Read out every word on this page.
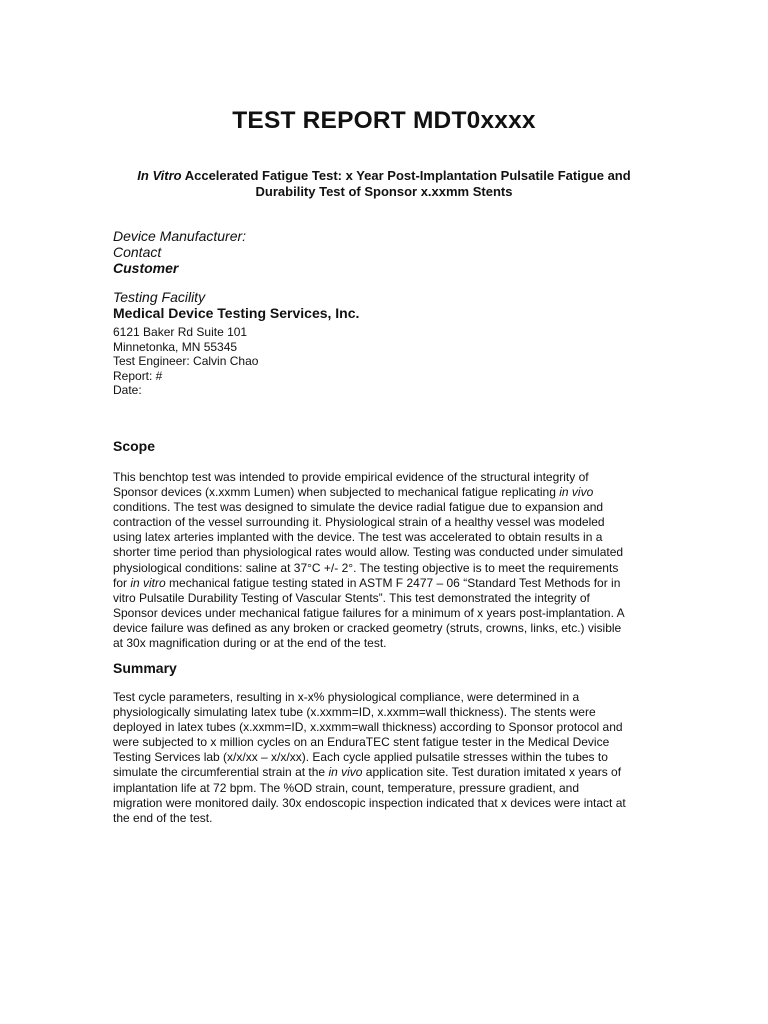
TEST REPORT MDT0xxxx
In Vitro Accelerated Fatigue Test: x Year Post-Implantation Pulsatile Fatigue and
Durability Test of Sponsor x.xxmm Stents
Device Manufacturer:
Contact
Customer
Testing Facility
Medical Device Testing Services, Inc.
6121 Baker Rd Suite 101
Minnetonka, MN 55345
Test Engineer: Calvin Chao
Report: #
Date:
Scope
This benchtop test was intended to provide empirical evidence of the structural integrity of
Sponsor devices (x.xxmm Lumen) when subjected to mechanical fatigue replicating in vivo
conditions. The test was designed to simulate the device radial fatigue due to expansion and
contraction of the vessel surrounding it. Physiological strain of a healthy vessel was modeled
using latex arteries implanted with the device. The test was accelerated to obtain results in a
shorter time period than physiological rates would allow. Testing was conducted under simulated
physiological conditions: saline at 37°C +/- 2°. The testing objective is to meet the requirements
for in vitro mechanical fatigue testing stated in ASTM F 2477 – 06 “Standard Test Methods for in
vitro Pulsatile Durability Testing of Vascular Stents”. This test demonstrated the integrity of
Sponsor devices under mechanical fatigue failures for a minimum of x years post-implantation. A
device failure was defined as any broken or cracked geometry (struts, crowns, links, etc.) visible
at 30x magnification during or at the end of the test.
Summary
Test cycle parameters, resulting in x-x% physiological compliance, were determined in a
physiologically simulating latex tube (x.xxmm=ID, x.xxmm=wall thickness). The stents were
deployed in latex tubes (x.xxmm=ID, x.xxmm=wall thickness) according to Sponsor protocol and
were subjected to x million cycles on an EnduraTEC stent fatigue tester in the Medical Device
Testing Services lab (x/x/xx – x/x/xx). Each cycle applied pulsatile stresses within the tubes to
simulate the circumferential strain at the in vivo application site. Test duration imitated x years of
implantation life at 72 bpm. The %OD strain, count, temperature, pressure gradient, and
migration were monitored daily. 30x endoscopic inspection indicated that x devices were intact at
the end of the test.
